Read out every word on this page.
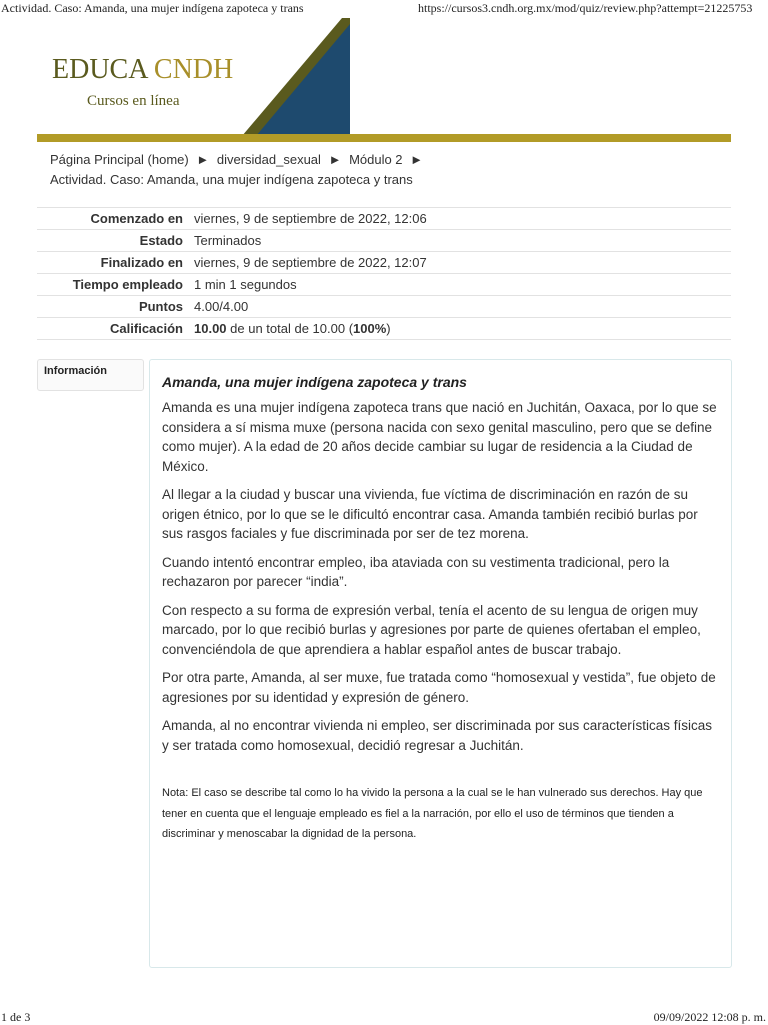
Actividad. Caso: Amanda, una mujer indígena zapoteca y trans	https://cursos3.cndh.org.mx/mod/quiz/review.php?attempt=21225753
EDUCA CNDH
Cursos en línea
Página Principal (home) ► diversidad_sexual ► Módulo 2 ►
Actividad. Caso: Amanda, una mujer indígena zapoteca y trans
Comenzado en	viernes, 9 de septiembre de 2022, 12:06
Estado	Terminados
Finalizado en	viernes, 9 de septiembre de 2022, 12:07
Tiempo empleado	1 min 1 segundos
Puntos	4.00/4.00
Calificación	10.00 de un total de 10.00 (100%)
Información
Amanda, una mujer indígena zapoteca y trans

Amanda es una mujer indígena zapoteca trans que nació en Juchitán, Oaxaca, por lo que se considera a sí misma muxe (persona nacida con sexo genital masculino, pero que se define como mujer). A la edad de 20 años decide cambiar su lugar de residencia a la Ciudad de México.

Al llegar a la ciudad y buscar una vivienda, fue víctima de discriminación en razón de su origen étnico, por lo que se le dificultó encontrar casa. Amanda también recibió burlas por sus rasgos faciales y fue discriminada por ser de tez morena.

Cuando intentó encontrar empleo, iba ataviada con su vestimenta tradicional, pero la rechazaron por parecer “india”.

Con respecto a su forma de expresión verbal, tenía el acento de su lengua de origen muy marcado, por lo que recibió burlas y agresiones por parte de quienes ofertaban el empleo, convenciéndola de que aprendiera a hablar español antes de buscar trabajo.

Por otra parte, Amanda, al ser muxe, fue tratada como “homosexual y vestida”, fue objeto de agresiones por su identidad y expresión de género.

Amanda, al no encontrar vivienda ni empleo, ser discriminada por sus características físicas y ser tratada como homosexual, decidió regresar a Juchitán.

Nota: El caso se describe tal como lo ha vivido la persona a la cual se le han vulnerado sus derechos. Hay que tener en cuenta que el lenguaje empleado es fiel a la narración, por ello el uso de términos que tienden a discriminar y menoscabar la dignidad de la persona.

1 de 3	09/09/2022 12:08 p. m.
